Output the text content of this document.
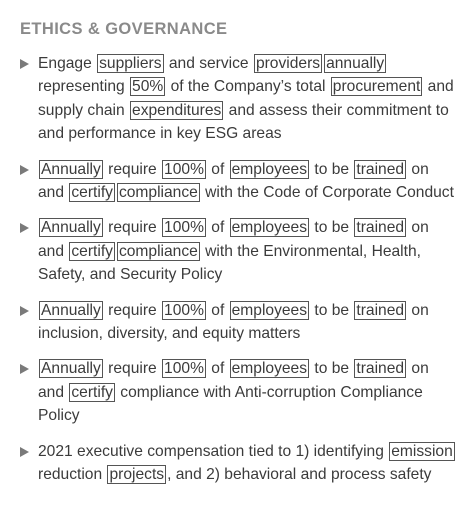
ETHICS & GOVERNANCE
Engage suppliers and service providers annually representing 50% of the Company’s total procurement and supply chain expenditures and assess their commitment to and performance in key ESG areas
Annually require 100% of employees to be trained on and certify compliance with the Code of Corporate Conduct
Annually require 100% of employees to be trained on and certify compliance with the Environmental, Health, Safety, and Security Policy
Annually require 100% of employees to be trained on inclusion, diversity, and equity matters
Annually require 100% of employees to be trained on and certify compliance with Anti-corruption Compliance Policy
2021 executive compensation tied to 1) identifying emission reduction projects , and 2) behavioral and process safety
